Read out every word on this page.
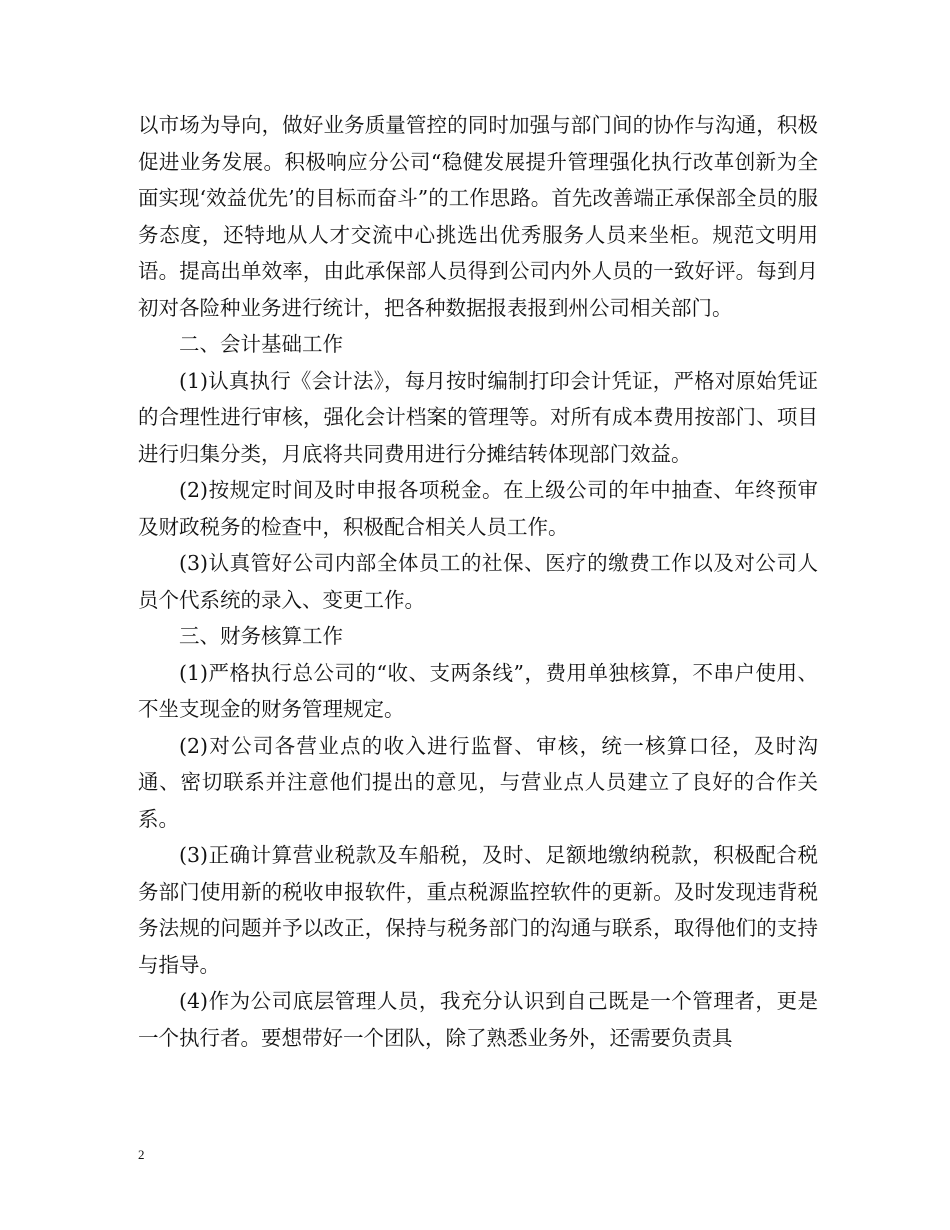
以市场为导向，做好业务质量管控的同时加强与部门间的协作与沟通，积极促进业务发展。积极响应分公司“稳健发展提升管理强化执行改革创新为全面实现‘效益优先’的目标而奋斗”的工作思路。首先改善端正承保部全员的服务态度，还特地从人才交流中心挑选出优秀服务人员来坐柜。规范文明用语。提高出单效率，由此承保部人员得到公司内外人员的一致好评。每到月初对各险种业务进行统计，把各种数据报表报到州公司相关部门。

二、会计基础工作

(1)认真执行《会计法》，每月按时编制打印会计凭证，严格对原始凭证的合理性进行审核，强化会计档案的管理等。对所有成本费用按部门、项目进行归集分类，月底将共同费用进行分摊结转体现部门效益。

(2)按规定时间及时申报各项税金。在上级公司的年中抽查、年终预审及财政税务的检查中，积极配合相关人员工作。

(3)认真管好公司内部全体员工的社保、医疗的缴费工作以及对公司人员个代系统的录入、变更工作。

三、财务核算工作

(1)严格执行总公司的“收、支两条线”，费用单独核算，不串户使用、不坐支现金的财务管理规定。

(2)对公司各营业点的收入进行监督、审核，统一核算口径，及时沟通、密切联系并注意他们提出的意见，与营业点人员建立了良好的合作关系。

(3)正确计算营业税款及车船税，及时、足额地缴纳税款，积极配合税务部门使用新的税收申报软件，重点税源监控软件的更新。及时发现违背税务法规的问题并予以改正，保持与税务部门的沟通与联系，取得他们的支持与指导。

(4)作为公司底层管理人员，我充分认识到自己既是一个管理者，更是一个执行者。要想带好一个团队，除了熟悉业务外，还需要负责具

2
